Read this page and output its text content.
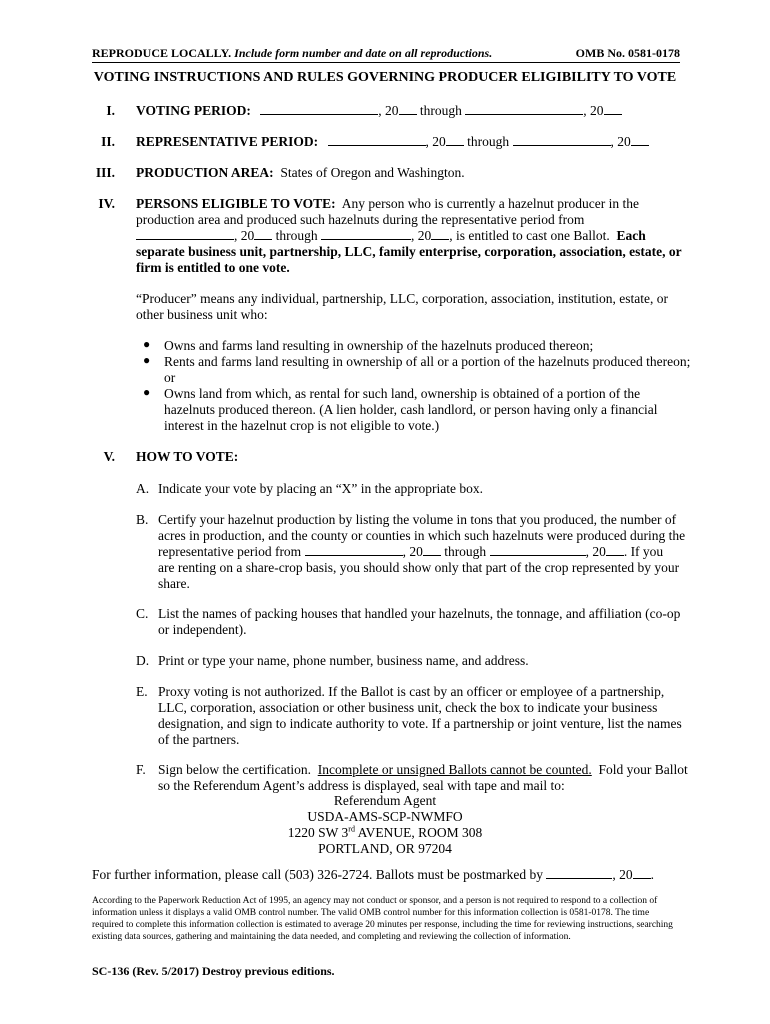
REPRODUCE LOCALLY. Include form number and date on all reproductions.	OMB No. 0581-0178
VOTING INSTRUCTIONS AND RULES GOVERNING PRODUCER ELIGIBILITY TO VOTE
I. VOTING PERIOD:	, 20 through	, 20
II. REPRESENTATIVE PERIOD:	, 20 through	, 20
III. PRODUCTION AREA: States of Oregon and Washington.
IV. PERSONS ELIGIBLE TO VOTE: Any person who is currently a hazelnut producer in the
production area and produced such hazelnuts during the representative period from
, 20 through	, 20 , is entitled to cast one Ballot. Each
separate business unit, partnership, LLC, family enterprise, corporation, association, estate, or
firm is entitled to one vote.
“Producer” means any individual, partnership, LLC, corporation, association, institution, estate, or
other business unit who:
● Owns and farms land resulting in ownership of the hazelnuts produced thereon;
● Rents and farms land resulting in ownership of all or a portion of the hazelnuts produced thereon;
or
● Owns land from which, as rental for such land, ownership is obtained of a portion of the
hazelnuts produced thereon. (A lien holder, cash landlord, or person having only a financial
interest in the hazelnut crop is not eligible to vote.)
V. HOW TO VOTE:
A. Indicate your vote by placing an “X” in the appropriate box.
B. Certify your hazelnut production by listing the volume in tons that you produced, the number of
acres in production, and the county or counties in which such hazelnuts were produced during the
representative period from	, 20 through	, 20 . If you
are renting on a share-crop basis, you should show only that part of the crop represented by your
share.
C. List the names of packing houses that handled your hazelnuts, the tonnage, and affiliation (co-op
or independent).
D. Print or type your name, phone number, business name, and address.
E. Proxy voting is not authorized. If the Ballot is cast by an officer or employee of a partnership,
LLC, corporation, association or other business unit, check the box to indicate your business
designation, and sign to indicate authority to vote. If a partnership or joint venture, list the names
of the partners.
F. Sign below the certification. Incomplete or unsigned Ballots cannot be counted. Fold your Ballot
so the Referendum Agent’s address is displayed, seal with tape and mail to:
Referendum Agent
USDA-AMS-SCP-NWMFO
1220 SW 3rd AVENUE, ROOM 308
PORTLAND, OR 97204
For further information, please call (503) 326-2724. Ballots must be postmarked by	, 20 .
According to the Paperwork Reduction Act of 1995, an agency may not conduct or sponsor, and a person is not required to respond to a collection of information unless it displays a valid OMB control number. The valid OMB control number for this information collection is 0581-0178. The time required to complete this information collection is estimated to average 20 minutes per response, including the time for reviewing instructions, searching existing data sources, gathering and maintaining the data needed, and completing and reviewing the collection of information.
SC-136 (Rev. 5/2017) Destroy previous editions.
